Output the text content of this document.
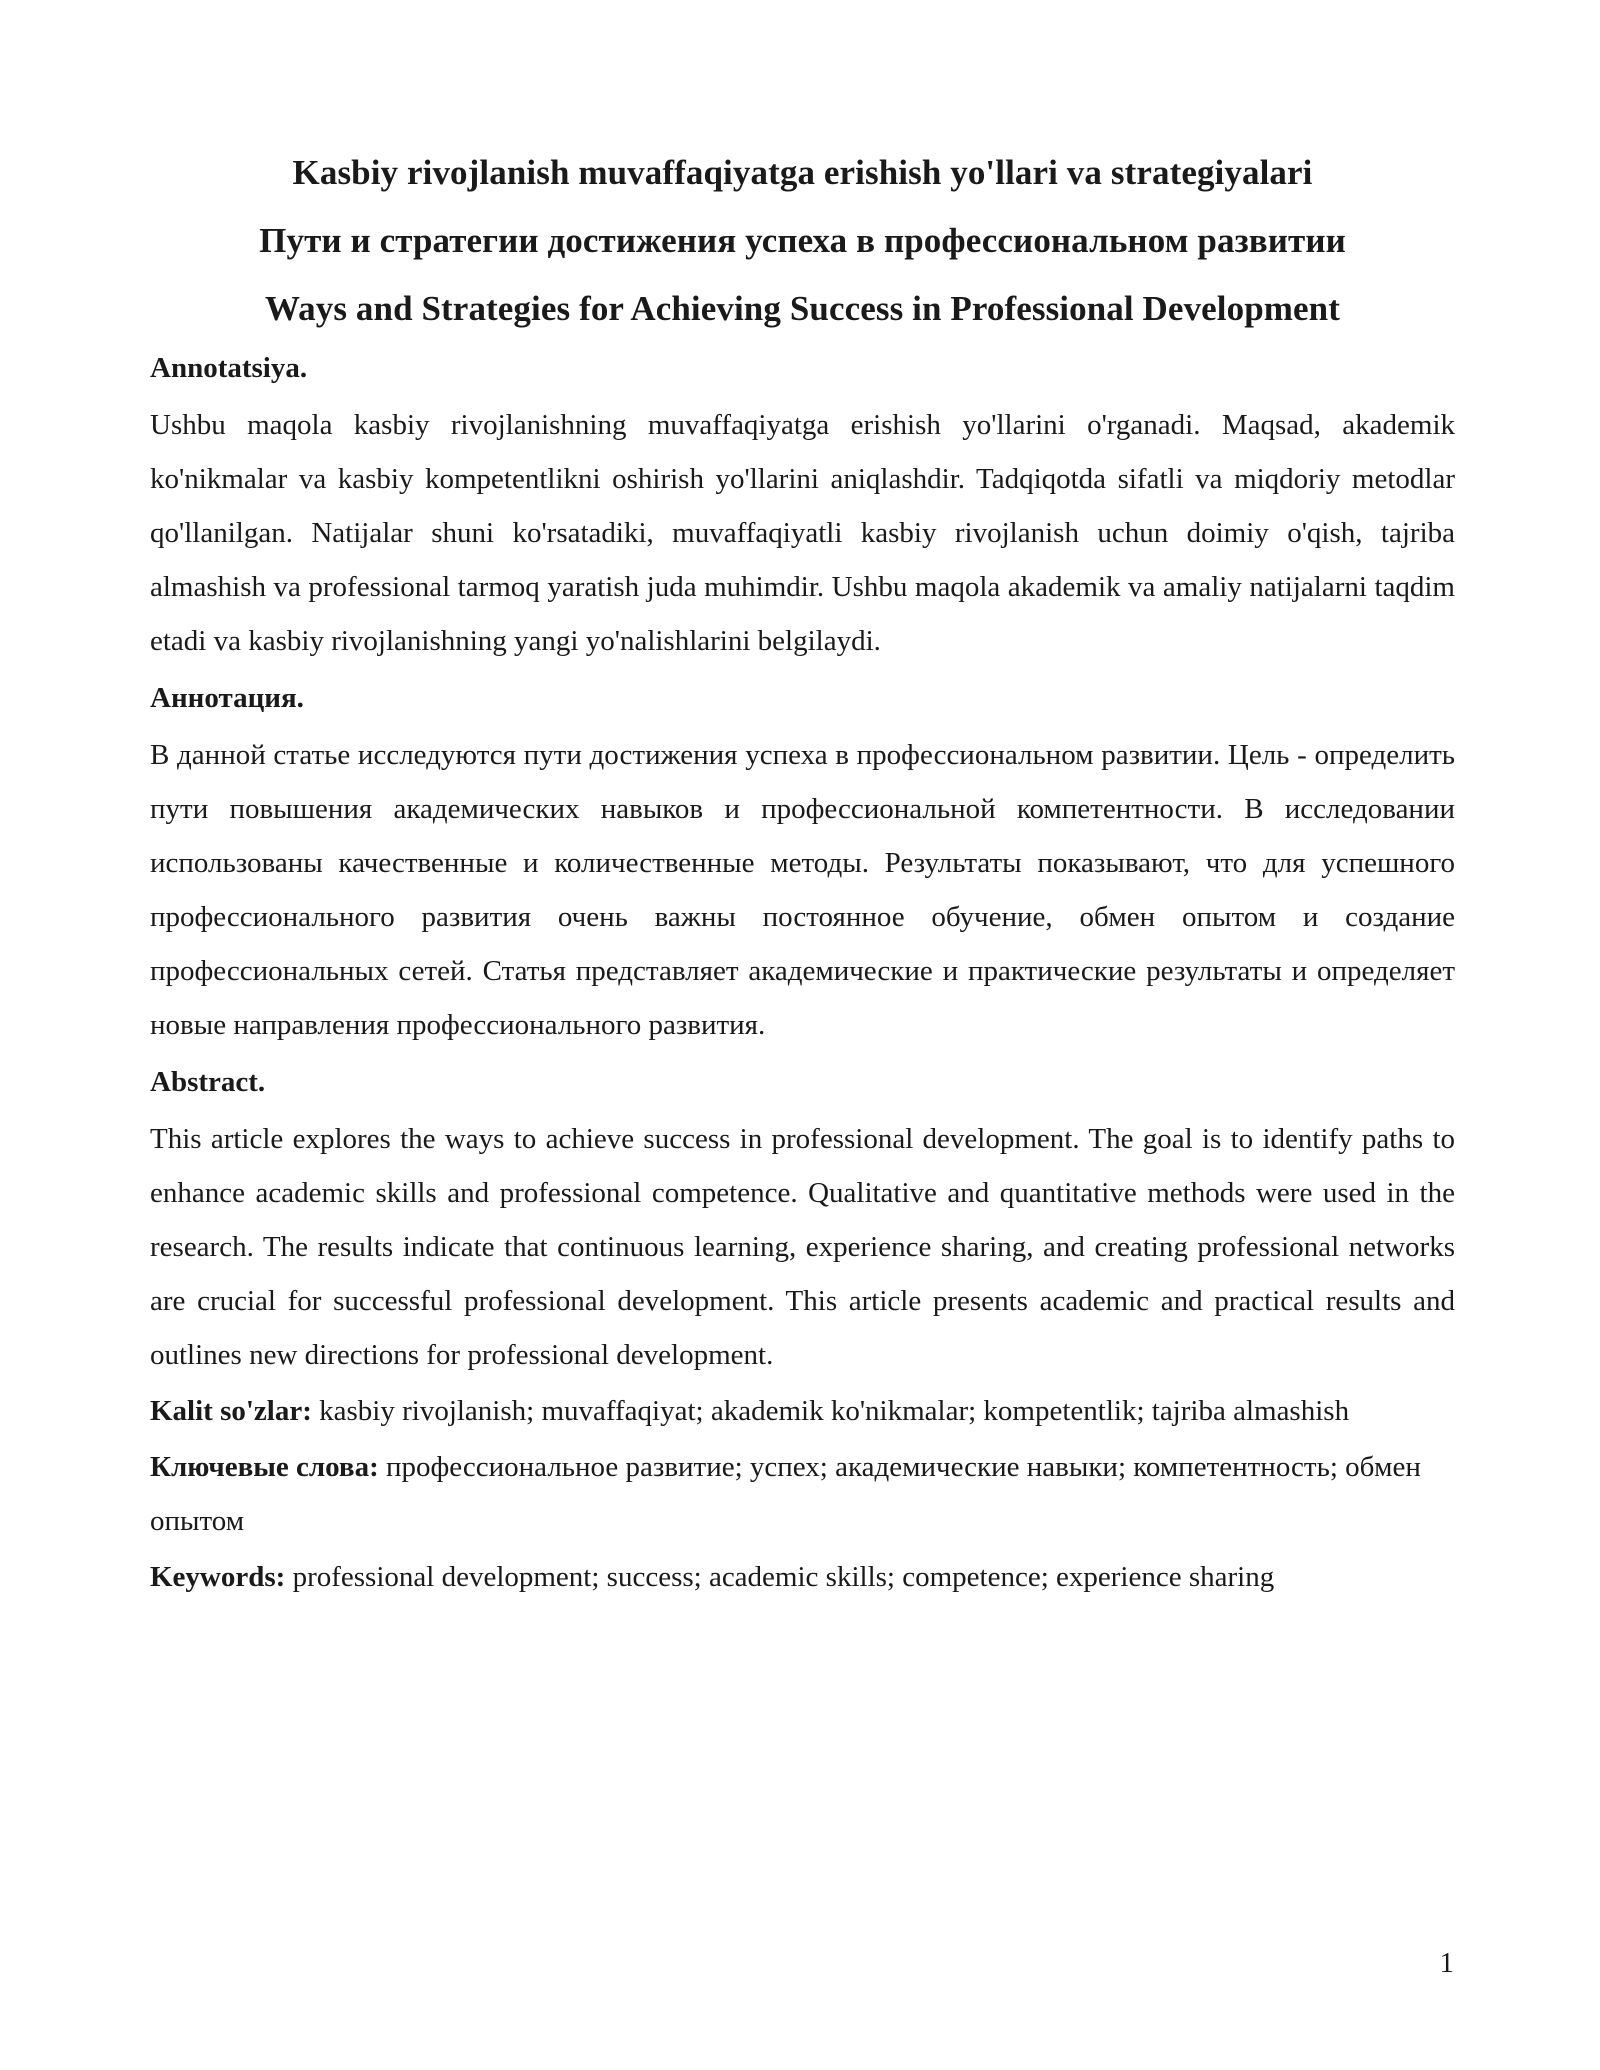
Kasbiy rivojlanish muvaffaqiyatga erishish yo'llari va strategiyalari
Пути и стратегии достижения успеха в профессиональном развитии
Ways and Strategies for Achieving Success in Professional Development
Annotatsiya.

Ushbu maqola kasbiy rivojlanishning muvaffaqiyatga erishish yo'llarini o'rganadi. Maqsad, akademik ko'nikmalar va kasbiy kompetentlikni oshirish yo'llarini aniqlashdir. Tadqiqotda sifatli va miqdoriy metodlar qo'llanilgan. Natijalar shuni ko'rsatadiki, muvaffaqiyatli kasbiy rivojlanish uchun doimiy o'qish, tajriba almashish va professional tarmoq yaratish juda muhimdir. Ushbu maqola akademik va amaliy natijalarni taqdim etadi va kasbiy rivojlanishning yangi yo'nalishlarini belgilaydi.

Аннотация.

В данной статье исследуются пути достижения успеха в профессиональном развитии. Цель - определить пути повышения академических навыков и профессиональной компетентности. В исследовании использованы качественные и количественные методы. Результаты показывают, что для успешного профессионального развития очень важны постоянное обучение, обмен опытом и создание профессиональных сетей. Статья представляет академические и практические результаты и определяет новые направления профессионального развития.

Abstract.

This article explores the ways to achieve success in professional development. The goal is to identify paths to enhance academic skills and professional competence. Qualitative and quantitative methods were used in the research. The results indicate that continuous learning, experience sharing, and creating professional networks are crucial for successful professional development. This article presents academic and practical results and outlines new directions for professional development.

Kalit so'zlar: kasbiy rivojlanish; muvaffaqiyat; akademik ko'nikmalar; kompetentlik; tajriba almashish

Ключевые слова: профессиональное развитие; успех; академические навыки; компетентность; обмен опытом

Keywords: professional development; success; academic skills; competence; experience sharing

1
